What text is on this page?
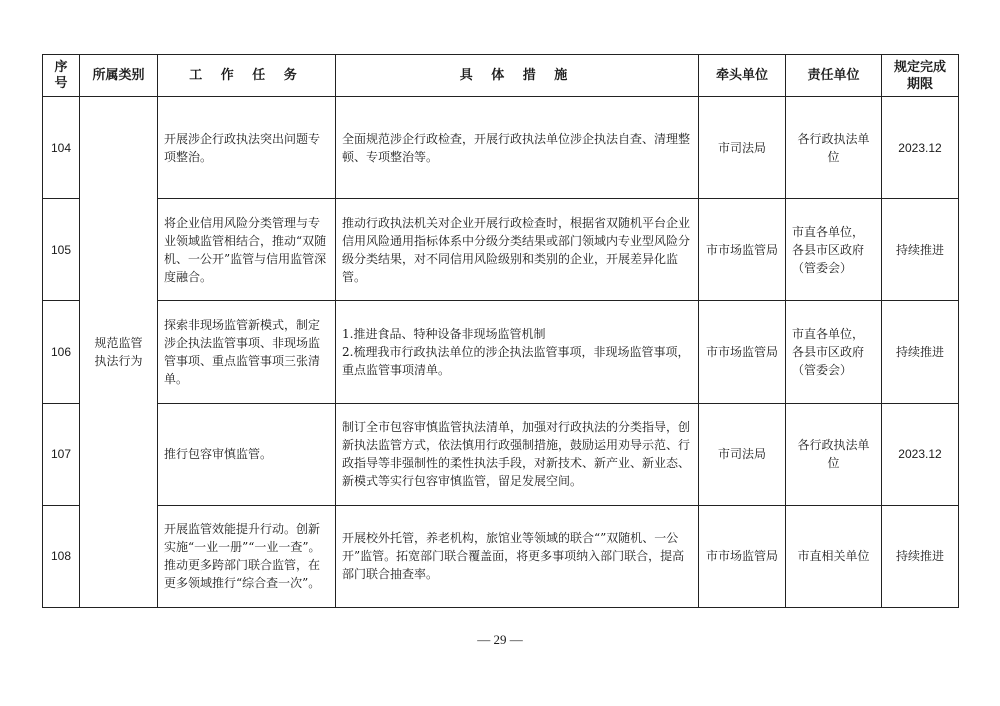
序号	所属类别	工 作 任 务	具 体 措 施	牵头单位	责任单位	规定完成期限
104	规范监管执法行为	开展涉企行政执法突出问题专项整治。	全面规范涉企行政检查，开展行政执法单位涉企执法自查、清理整顿、专项整治等。	市司法局	各行政执法单位	2023.12
105		将企业信用风险分类管理与专业领域监管相结合，推动“双随机、一公开”监管与信用监管深度融合。	推动行政执法机关对企业开展行政检查时，根据省双随机平台企业信用风险通用指标体系中分级分类结果或部门领域内专业型风险分级分类结果，对不同信用风险级别和类别的企业，开展差异化监管。	市市场监管局	市直各单位，各县市区政府（管委会）	持续推进
106		探索非现场监管新模式，制定涉企执法监管事项、非现场监管事项、重点监管事项三张清单。	1.推进食品、特种设备非现场监管机制
2.梳理我市行政执法单位的涉企执法监管事项，非现场监管事项，重点监管事项清单。	市市场监管局	市直各单位，各县市区政府（管委会）	持续推进
107		推行包容审慎监管。	制订全市包容审慎监管执法清单，加强对行政执法的分类指导，创新执法监管方式，依法慎用行政强制措施，鼓励运用劝导示范、行政指导等非强制性的柔性执法手段，对新技术、新产业、新业态、新模式等实行包容审慎监管，留足发展空间。	市司法局	各行政执法单位	2023.12
108		开展监管效能提升行动。创新实施“一业一册”“一业一查”。推动更多跨部门联合监管，在更多领域推行“综合查一次”。	开展校外托管，养老机构，旅馆业等领域的联合“”双随机、一公开”监管。拓宽部门联合覆盖面，将更多事项纳入部门联合，提高部门联合抽查率。	市市场监管局	市直相关单位	持续推进
— 29 —
